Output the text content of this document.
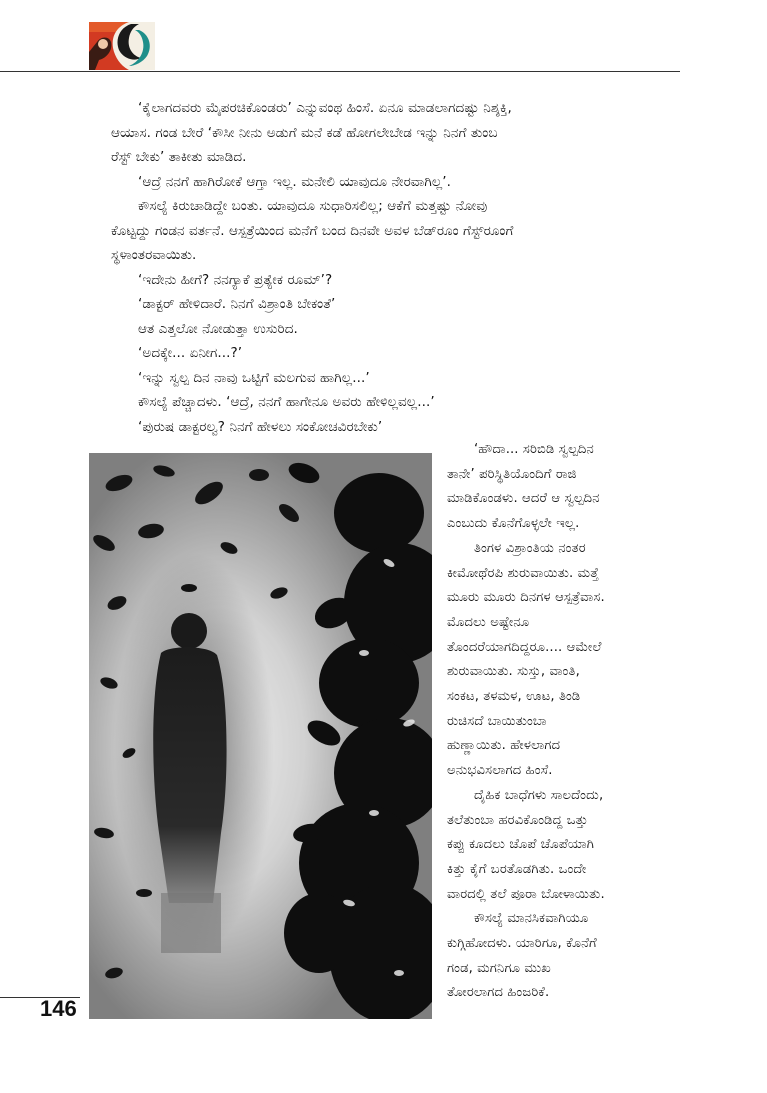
‘ಕೈಲಾಗದವರು ಮೈಪರಚಿಕೊಂಡರು’ ಎನ್ನುವಂಥ ಹಿಂಸೆ. ಏನೂ ಮಾಡಲಾಗದಷ್ಟು ನಿಶ್ಶಕ್ತಿ,

ಆಯಾಸ. ಗಂಡ ಬೇರೆ ‘ಕೌಸೀ ನೀನು ಅಡುಗೆ ಮನೆ ಕಡೆ ಹೋಗಲೇಬೇಡ ಇನ್ನು ನಿನಗೆ ತುಂಬ

ರೆಸ್ಟ್ ಬೇಕು’ ತಾಕೀತು ಮಾಡಿದ.

‘ಆದ್ರೆ ನನಗೆ ಹಾಗಿರೋಕೆ ಆಗ್ತಾ ಇಲ್ಲ. ಮನೇಲಿ ಯಾವುದೂ ನೇರವಾಗಿಲ್ಲ’.

ಕೌಸಲ್ಯೆ ಕಿರುಚಾಡಿದ್ದೇ ಬಂತು. ಯಾವುದೂ ಸುಧಾರಿಸಲಿಲ್ಲ; ಆಕೆಗೆ ಮತ್ತಷ್ಟು ನೋವು

ಕೊಟ್ಟದ್ದು ಗಂಡನ ವರ್ತನೆ. ಆಸ್ಪತ್ರೆಯಿಂದ ಮನೆಗೆ ಬಂದ ದಿನವೇ ಅವಳ ಬೆಡ್‌ರೂಂ ಗೆಸ್ಟ್‌ರೂಂಗೆ

ಸ್ಥಳಾಂತರವಾಯಿತು.

‘ಇದೇನು ಹೀಗೆ? ನನಗ್ಯಾಕೆ ಪ್ರತ್ಯೇಕ ರೂಮ್’?

‘ಡಾಕ್ಟರ್ ಹೇಳಿದಾರೆ. ನಿನಗೆ ವಿಶ್ರಾಂತಿ ಬೇಕಂತೆ’

ಆತ ಎತ್ತಲೋ ನೋಡುತ್ತಾ ಉಸುರಿದ.

‘ಅದಕ್ಕೇ... ಏನೀಗ...?’

‘ಇನ್ನು ಸ್ವಲ್ಪ ದಿನ ನಾವು ಒಟ್ಟಿಗೆ ಮಲಗುವ ಹಾಗಿಲ್ಲ...’

ಕೌಸಲ್ಯೆ ಪೆಚ್ಚಾದಳು. ‘ಆದ್ರೆ, ನನಗೆ ಹಾಗೇನೂ ಅವರು ಹೇಳಿಲ್ಲವಲ್ಲ...’

‘ಪುರುಷ ಡಾಕ್ಟರಲ್ವ? ನಿನಗೆ ಹೇಳಲು ಸಂಕೋಚವಿರಬೇಕು’

‘ಹೌದಾ... ಸರಿಬಿಡಿ ಸ್ವಲ್ಪದಿನ

ತಾನೇ’ ಪರಿಸ್ಥಿತಿಯೊಂದಿಗೆ ರಾಜಿ

ಮಾಡಿಕೊಂಡಳು. ಆದರೆ ಆ ಸ್ವಲ್ಪದಿನ

ಎಂಬುದು ಕೊನೆಗೊಳ್ಳಲೇ ಇಲ್ಲ.

ತಿಂಗಳ ವಿಶ್ರಾಂತಿಯ ನಂತರ

ಕೀಮೋಥೆರಪಿ ಶುರುವಾಯಿತು. ಮತ್ತೆ

ಮೂರು ಮೂರು ದಿನಗಳ ಆಸ್ಪತ್ರೆವಾಸ.

ಮೊದಲು ಅಷ್ಟೇನೂ

ತೊಂದರೆಯಾಗದಿದ್ದರೂ.... ಆಮೇಲೆ

ಶುರುವಾಯಿತು. ಸುಸ್ತು, ವಾಂತಿ,

ಸಂಕಟ, ತಳಮಳ, ಊಟ, ತಿಂಡಿ

ರುಚಿಸದೆ ಬಾಯಿತುಂಬಾ

ಹುಣ್ಣಾಯಿತು. ಹೇಳಲಾಗದ

ಅನುಭವಿಸಲಾಗದ ಹಿಂಸೆ.

ದೈಹಿಕ ಬಾಧೆಗಳು ಸಾಲದೆಂದು,

ತಲೆತುಂಬಾ ಹರವಿಕೊಂಡಿದ್ದ ಒತ್ತು

ಕಪ್ಪು ಕೂದಲು ಚೊಪೆ ಚೊಪೆಯಾಗಿ

ಕಿತ್ತು ಕೈಗೆ ಬರತೊಡಗಿತು. ಒಂದೇ

ವಾರದಲ್ಲಿ ತಲೆ ಪೂರಾ ಬೋಳಾಯಿತು.

ಕೌಸಲ್ಯೆ ಮಾನಸಿಕವಾಗಿಯೂ

ಕುಗ್ಗಿಹೋದಳು. ಯಾರಿಗೂ, ಕೊನೆಗೆ

ಗಂಡ, ಮಗನಿಗೂ ಮುಖ

ತೋರಲಾಗದ ಹಿಂಜರಿಕೆ.

146
